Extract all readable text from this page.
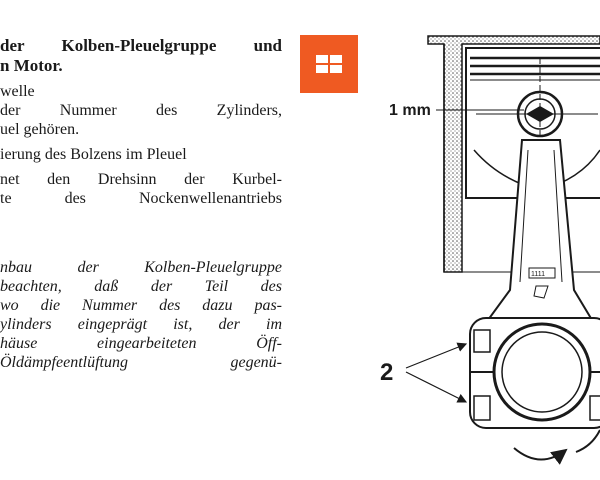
der Kolben-Pleuelgruppe und

n Motor.

welle
der Nummer des Zylinders,
uel gehören.
ierung des Bolzens im Pleuel
net den Drehsinn der Kurbel-
te des Nockenwellenantriebs
nbau der Kolben-Pleuelgruppe
beachten, daß der Teil des
wo die Nummer des dazu pas-
ylinders eingeprägt ist, der im
häuse eingearbeiteten Öff-
Öldämpfeentlüftung gegenü-
1 mm
1111
2
